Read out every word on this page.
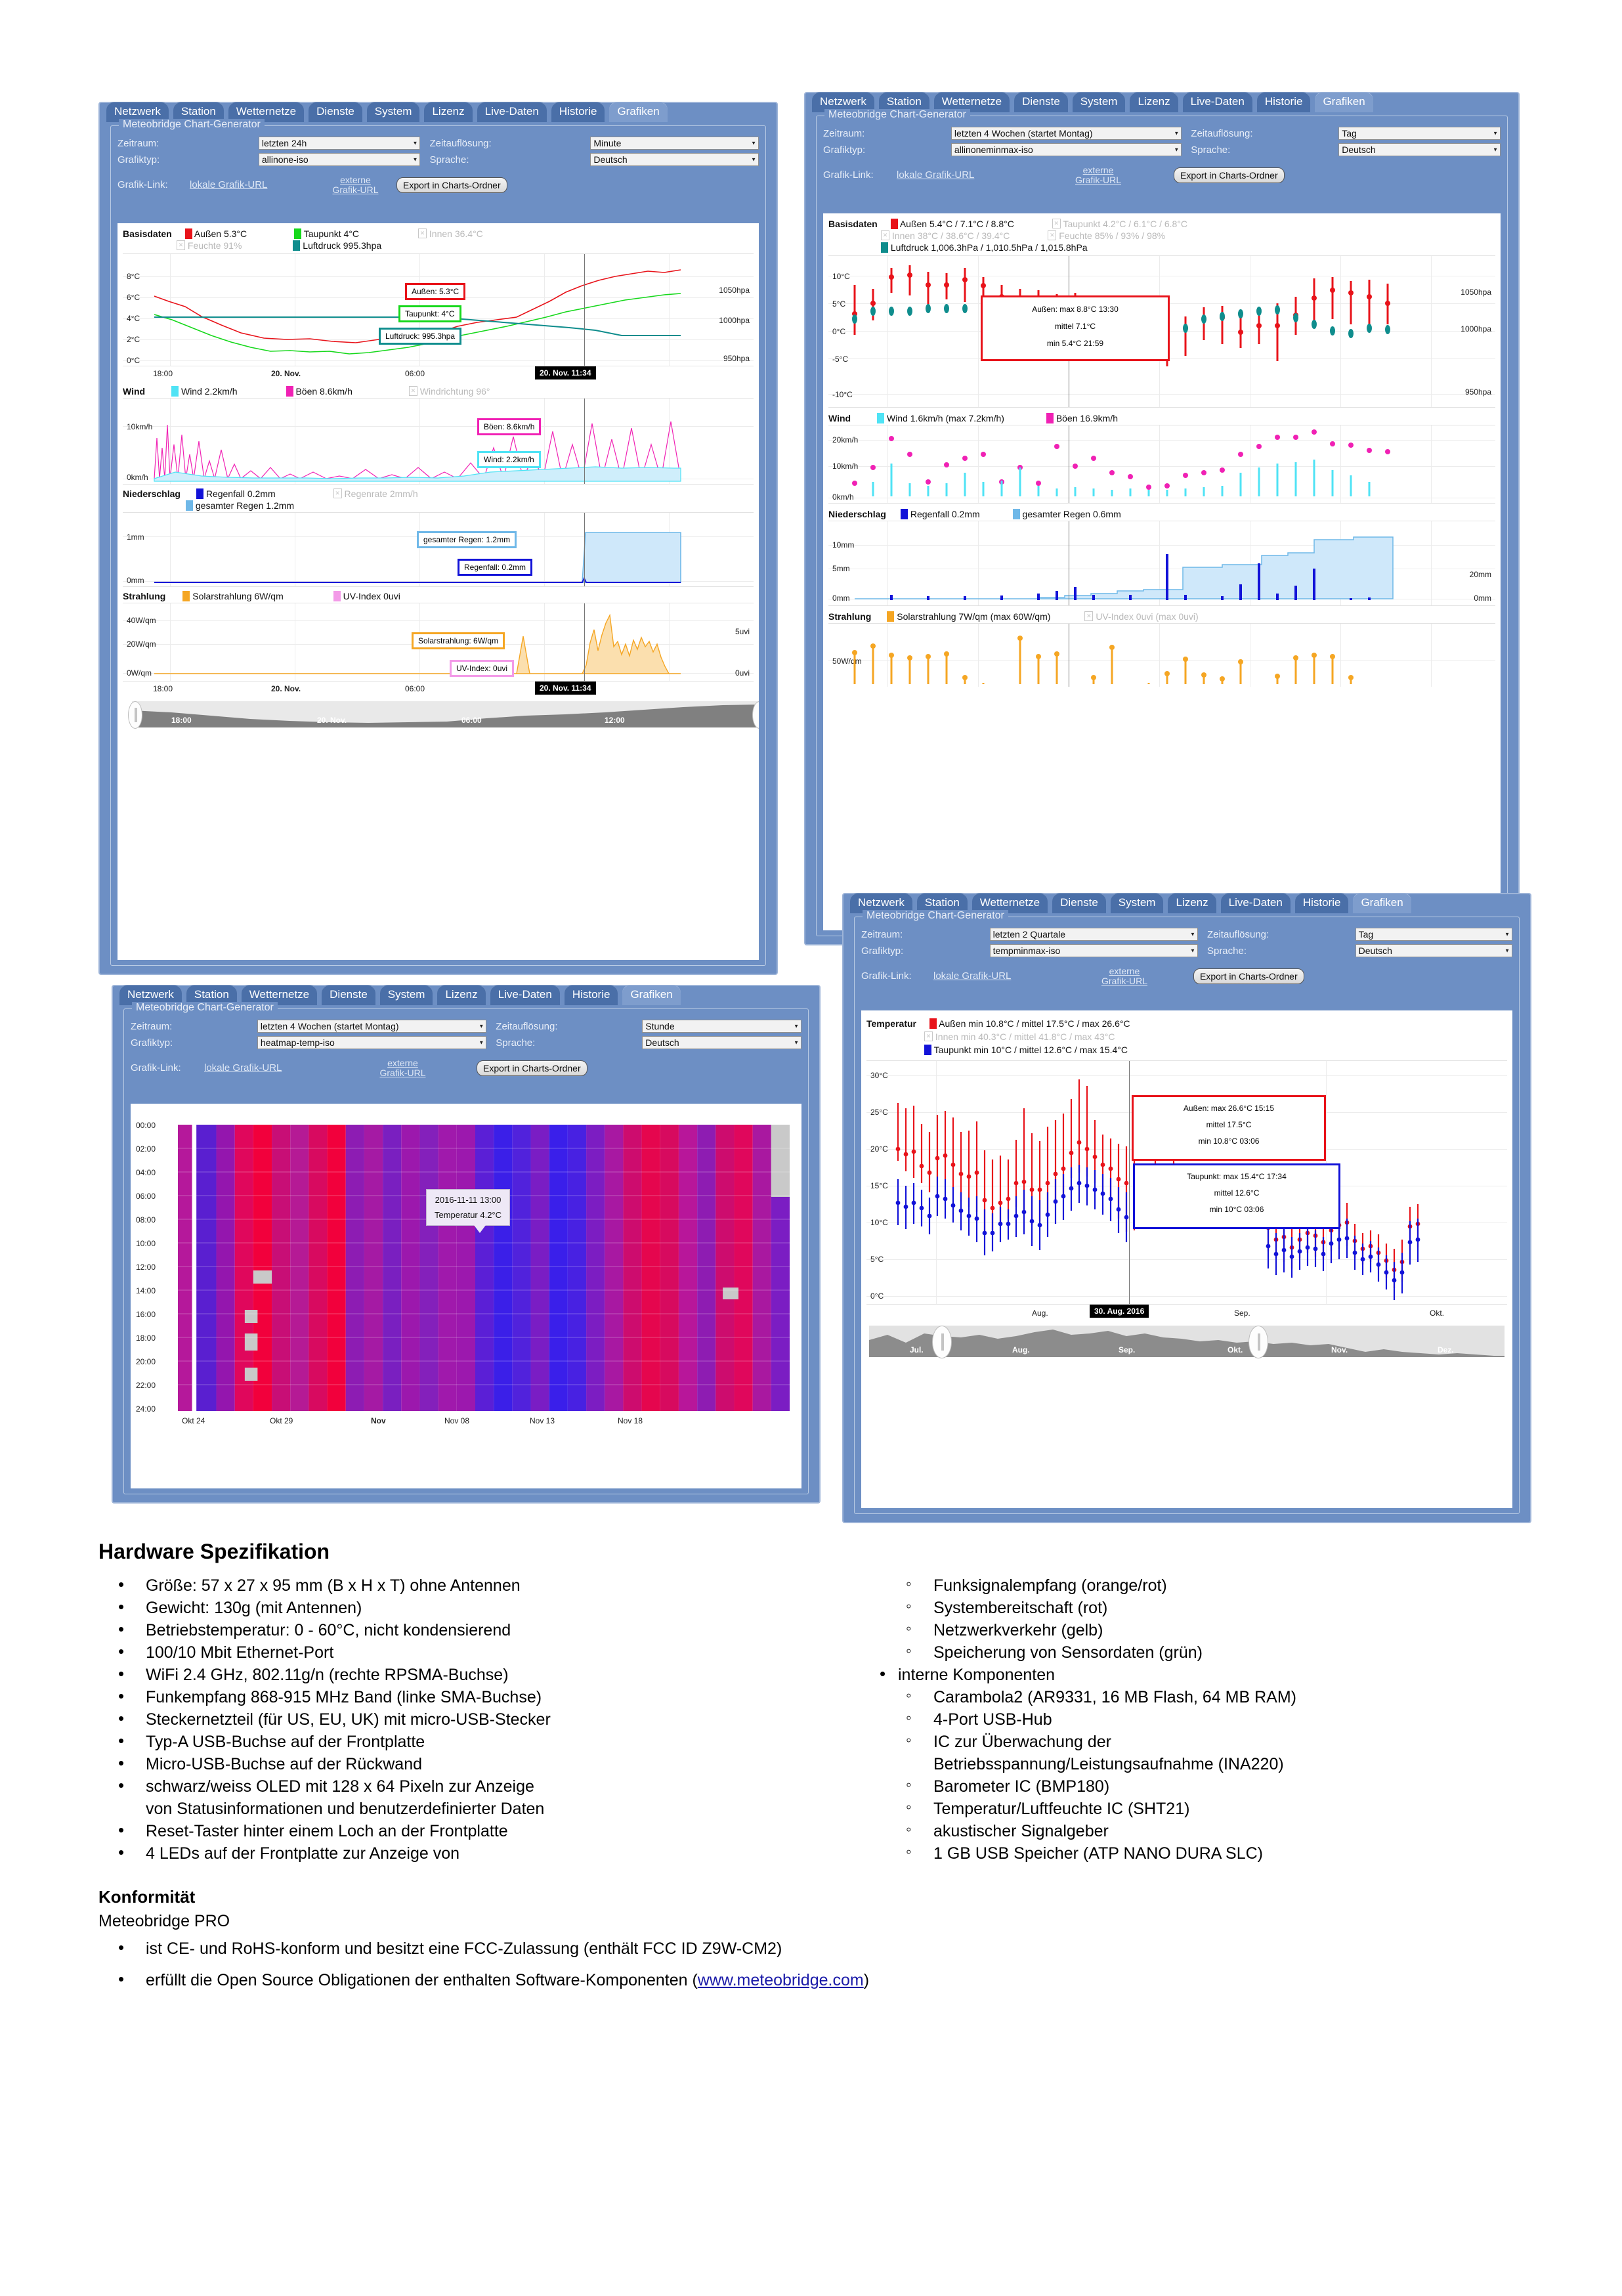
Netzwerk	Station	Wetternetze	Dienste	System	Lizenz	Live-Daten	Historie	Grafiken
Meteobridge Chart-Generator
Zeitraum:	letzten 24h ▼	Zeitauflösung:	Minute ▼
Grafiktyp:	allinone-iso ▼	Sprache:	Deutsch ▼
Grafik-Link:	lokale Grafik-URL	externe
Grafik-URL	Export in Charts-Ordner
Basisdaten	Außen 5.3°C	Taupunkt 4°C ✕	Innen 36.4°C
✕ Feuchte 91%	Luftdruck 995.3hpa
8°C
6°C
4°C
2°C
0°C
1050hpa
1000hpa
950hpa
Außen: 5.3°C
Taupunkt: 4°C
Luftdruck: 995.3hpa
18:00	20. Nov.	06:00	20. Nov. 11:34
Wind	Wind 2.2km/h	Böen 8.6km/h ✕	Windrichtung 96°
10km/h
0km/h
Böen: 8.6km/h
Wind: 2.2km/h
Niederschlag	Regenfall 0.2mm ✕	Regenrate 2mm/h
gesamter Regen 1.2mm
1mm
0mm
gesamter Regen: 1.2mm
Regenfall: 0.2mm
Strahlung	Solarstrahlung 6W/qm	UV-Index 0uvi
40W/qm
20W/qm
0W/qm
5uvi
0uvi
Solarstrahlung: 6W/qm
UV-Index: 0uvi
18:00	20. Nov.	06:00	20. Nov. 11:34
18:00	20. Nov.	06:00	12:00
Netzwerk	Station	Wetternetze	Dienste	System	Lizenz	Live-Daten	Historie	Grafiken
Meteobridge Chart-Generator
Zeitraum:	letzten 4 Wochen (startet Montag) ▼	Zeitauflösung:	Tag ▼
Grafiktyp:	allinoneminmax-iso ▼	Sprache:	Deutsch ▼
Grafik-Link:	lokale Grafik-URL	externe
Grafik-URL	Export in Charts-Ordner
Basisdaten	Außen 5.4°C / 7.1°C / 8.8°C ✕	Taupunkt 4.2°C / 6.1°C / 6.8°C
✕ Innen 38°C / 38.6°C / 39.4°C ✕	Feuchte 85% / 93% / 98%
Luftdruck 1,006.3hPa / 1,010.5hPa / 1,015.8hPa
10°C
5°C
0°C
-5°C
-10°C
1050hpa
1000hpa
950hpa
Außen: max 8.8°C 13:30
mittel 7.1°C
min 5.4°C 21:59
Wind	Wind 1.6km/h (max 7.2km/h)	Böen 16.9km/h
20km/h
10km/h
0km/h
Niederschlag	Regenfall 0.2mm	gesamter Regen 0.6mm
10mm
5mm
0mm
20mm
0mm
Strahlung	Solarstrahlung 7W/qm (max 60W/qm) ✕	UV-Index 0uvi (max 0uvi)
50W/qm
Netzwerk	Station	Wetternetze	Dienste	System	Lizenz	Live-Daten	Historie	Grafiken
Meteobridge Chart-Generator
Zeitraum:	letzten 4 Wochen (startet Montag) ▼	Zeitauflösung:	Stunde ▼
Grafiktyp:	heatmap-temp-iso ▼	Sprache:	Deutsch ▼
Grafik-Link:	lokale Grafik-URL	externe
Grafik-URL	Export in Charts-Ordner
00:00
02:00
04:00
06:00
08:00
10:00
12:00
14:00
16:00
18:00
20:00
22:00
24:00
2016-11-11 13:00
Temperatur 4.2°C
Okt 24	Okt 29	Nov	Nov 08	Nov 13	Nov 18
Netzwerk	Station	Wetternetze	Dienste	System	Lizenz	Live-Daten	Historie	Grafiken
Meteobridge Chart-Generator
Zeitraum:	letzten 2 Quartale ▼	Zeitauflösung:	Tag ▼
Grafiktyp:	tempminmax-iso ▼	Sprache:	Deutsch ▼
Grafik-Link:	lokale Grafik-URL	externe
Grafik-URL	Export in Charts-Ordner
Temperatur	Außen min 10.8°C / mittel 17.5°C / max 26.6°C
✕ Innen min 40.3°C / mittel 41.8°C / max 43°C
Taupunkt min 10°C / mittel 12.6°C / max 15.4°C
30°C
25°C
20°C
15°C
10°C
5°C
0°C
Außen: max 26.6°C 15:15
mittel 17.5°C
min 10.8°C 03:06
Taupunkt: max 15.4°C 17:34
mittel 12.6°C
min 10°C 03:06
Aug.	30. Aug. 2016	Sep.	Okt.
Jul.	Aug.	Sep.	Okt.	Nov.	Dez.
Hardware Spezifikation
• Größe: 57 x 27 x 95 mm (B x H x T) ohne Antennen
• Gewicht: 130g (mit Antennen)
• Betriebstemperatur: 0 - 60°C, nicht kondensierend
• 100/10 Mbit Ethernet-Port
• WiFi 2.4 GHz, 802.11g/n (rechte RPSMA-Buchse)
• Funkempfang 868-915 MHz Band (linke SMA-Buchse)
• Steckernetzteil (für US, EU, UK) mit micro-USB-Stecker
• Typ-A USB-Buchse auf der Frontplatte
• Micro-USB-Buchse auf der Rückwand
• schwarz/weiss OLED mit 128 x 64 Pixeln zur Anzeige
von Statusinformationen und benutzerdefinierter Daten
• Reset-Taster hinter einem Loch an der Frontplatte
• 4 LEDs auf der Frontplatte zur Anzeige von
◦ Funksignalempfang (orange/rot)
◦ Systembereitschaft (rot)
◦ Netzwerkverkehr (gelb)
◦ Speicherung von Sensordaten (grün)
• interne Komponenten
◦ Carambola2 (AR9331, 16 MB Flash, 64 MB RAM)
◦ 4-Port USB-Hub
◦ IC zur Überwachung der
Betriebsspannung/Leistungsaufnahme (INA220)
◦ Barometer IC (BMP180)
◦ Temperatur/Luftfeuchte IC (SHT21)
◦ akustischer Signalgeber
◦ 1 GB USB Speicher (ATP NANO DURA SLC)
Konformität
Meteobridge PRO
• ist CE- und RoHS-konform und besitzt eine FCC-Zulassung (enthält FCC ID Z9W-CM2)
• erfüllt die Open Source Obligationen der enthalten Software-Komponenten (www.meteobridge.com)
